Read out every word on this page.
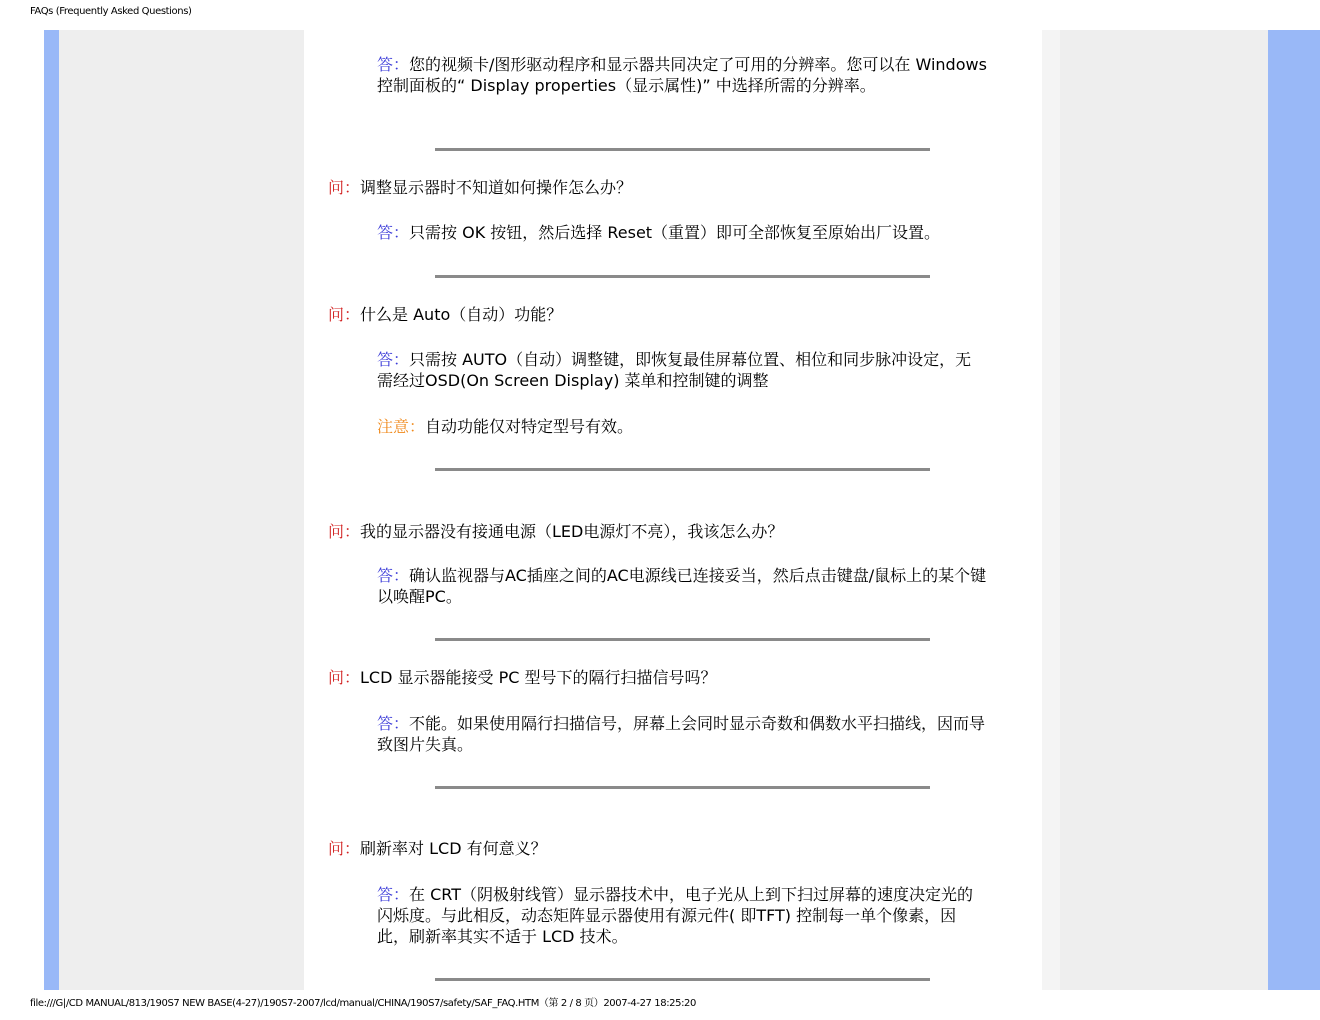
FAQs (Frequently Asked Questions)
答：您的视频卡/图形驱动程序和显示器共同决定了可用的分辨率。您可以在 Windows 控制面板的“ Display properties（显示属性)” 中选择所需的分辨率。
问：调整显示器时不知道如何操作怎么办？
答：只需按 OK 按钮，然后选择 Reset（重置）即可全部恢复至原始出厂设置。
问：什么是 Auto（自动）功能？
答：只需按 AUTO（自动）调整键，即恢复最佳屏幕位置、相位和同步脉冲设定，无需经过OSD(On Screen Display) 菜单和控制键的调整
注意：自动功能仅对特定型号有效。
问：我的显示器没有接通电源（LED电源灯不亮），我该怎么办？
答：确认监视器与AC插座之间的AC电源线已连接妥当，然后点击键盘/鼠标上的某个键以唤醒PC。
问：LCD 显示器能接受 PC 型号下的隔行扫描信号吗？
答：不能。如果使用隔行扫描信号，屏幕上会同时显示奇数和偶数水平扫描线，因而导致图片失真。
问：刷新率对 LCD 有何意义？
答：在 CRT（阴极射线管）显示器技术中，电子光从上到下扫过屏幕的速度决定光的闪烁度。与此相反，动态矩阵显示器使用有源元件( 即TFT) 控制每一单个像素，因此，刷新率其实不适于 LCD 技术。
file:///G|/CD MANUAL/813/190S7 NEW BASE(4-27)/190S7-2007/lcd/manual/CHINA/190S7/safety/SAF_FAQ.HTM（第 2 / 8 页）2007-4-27 18:25:20
